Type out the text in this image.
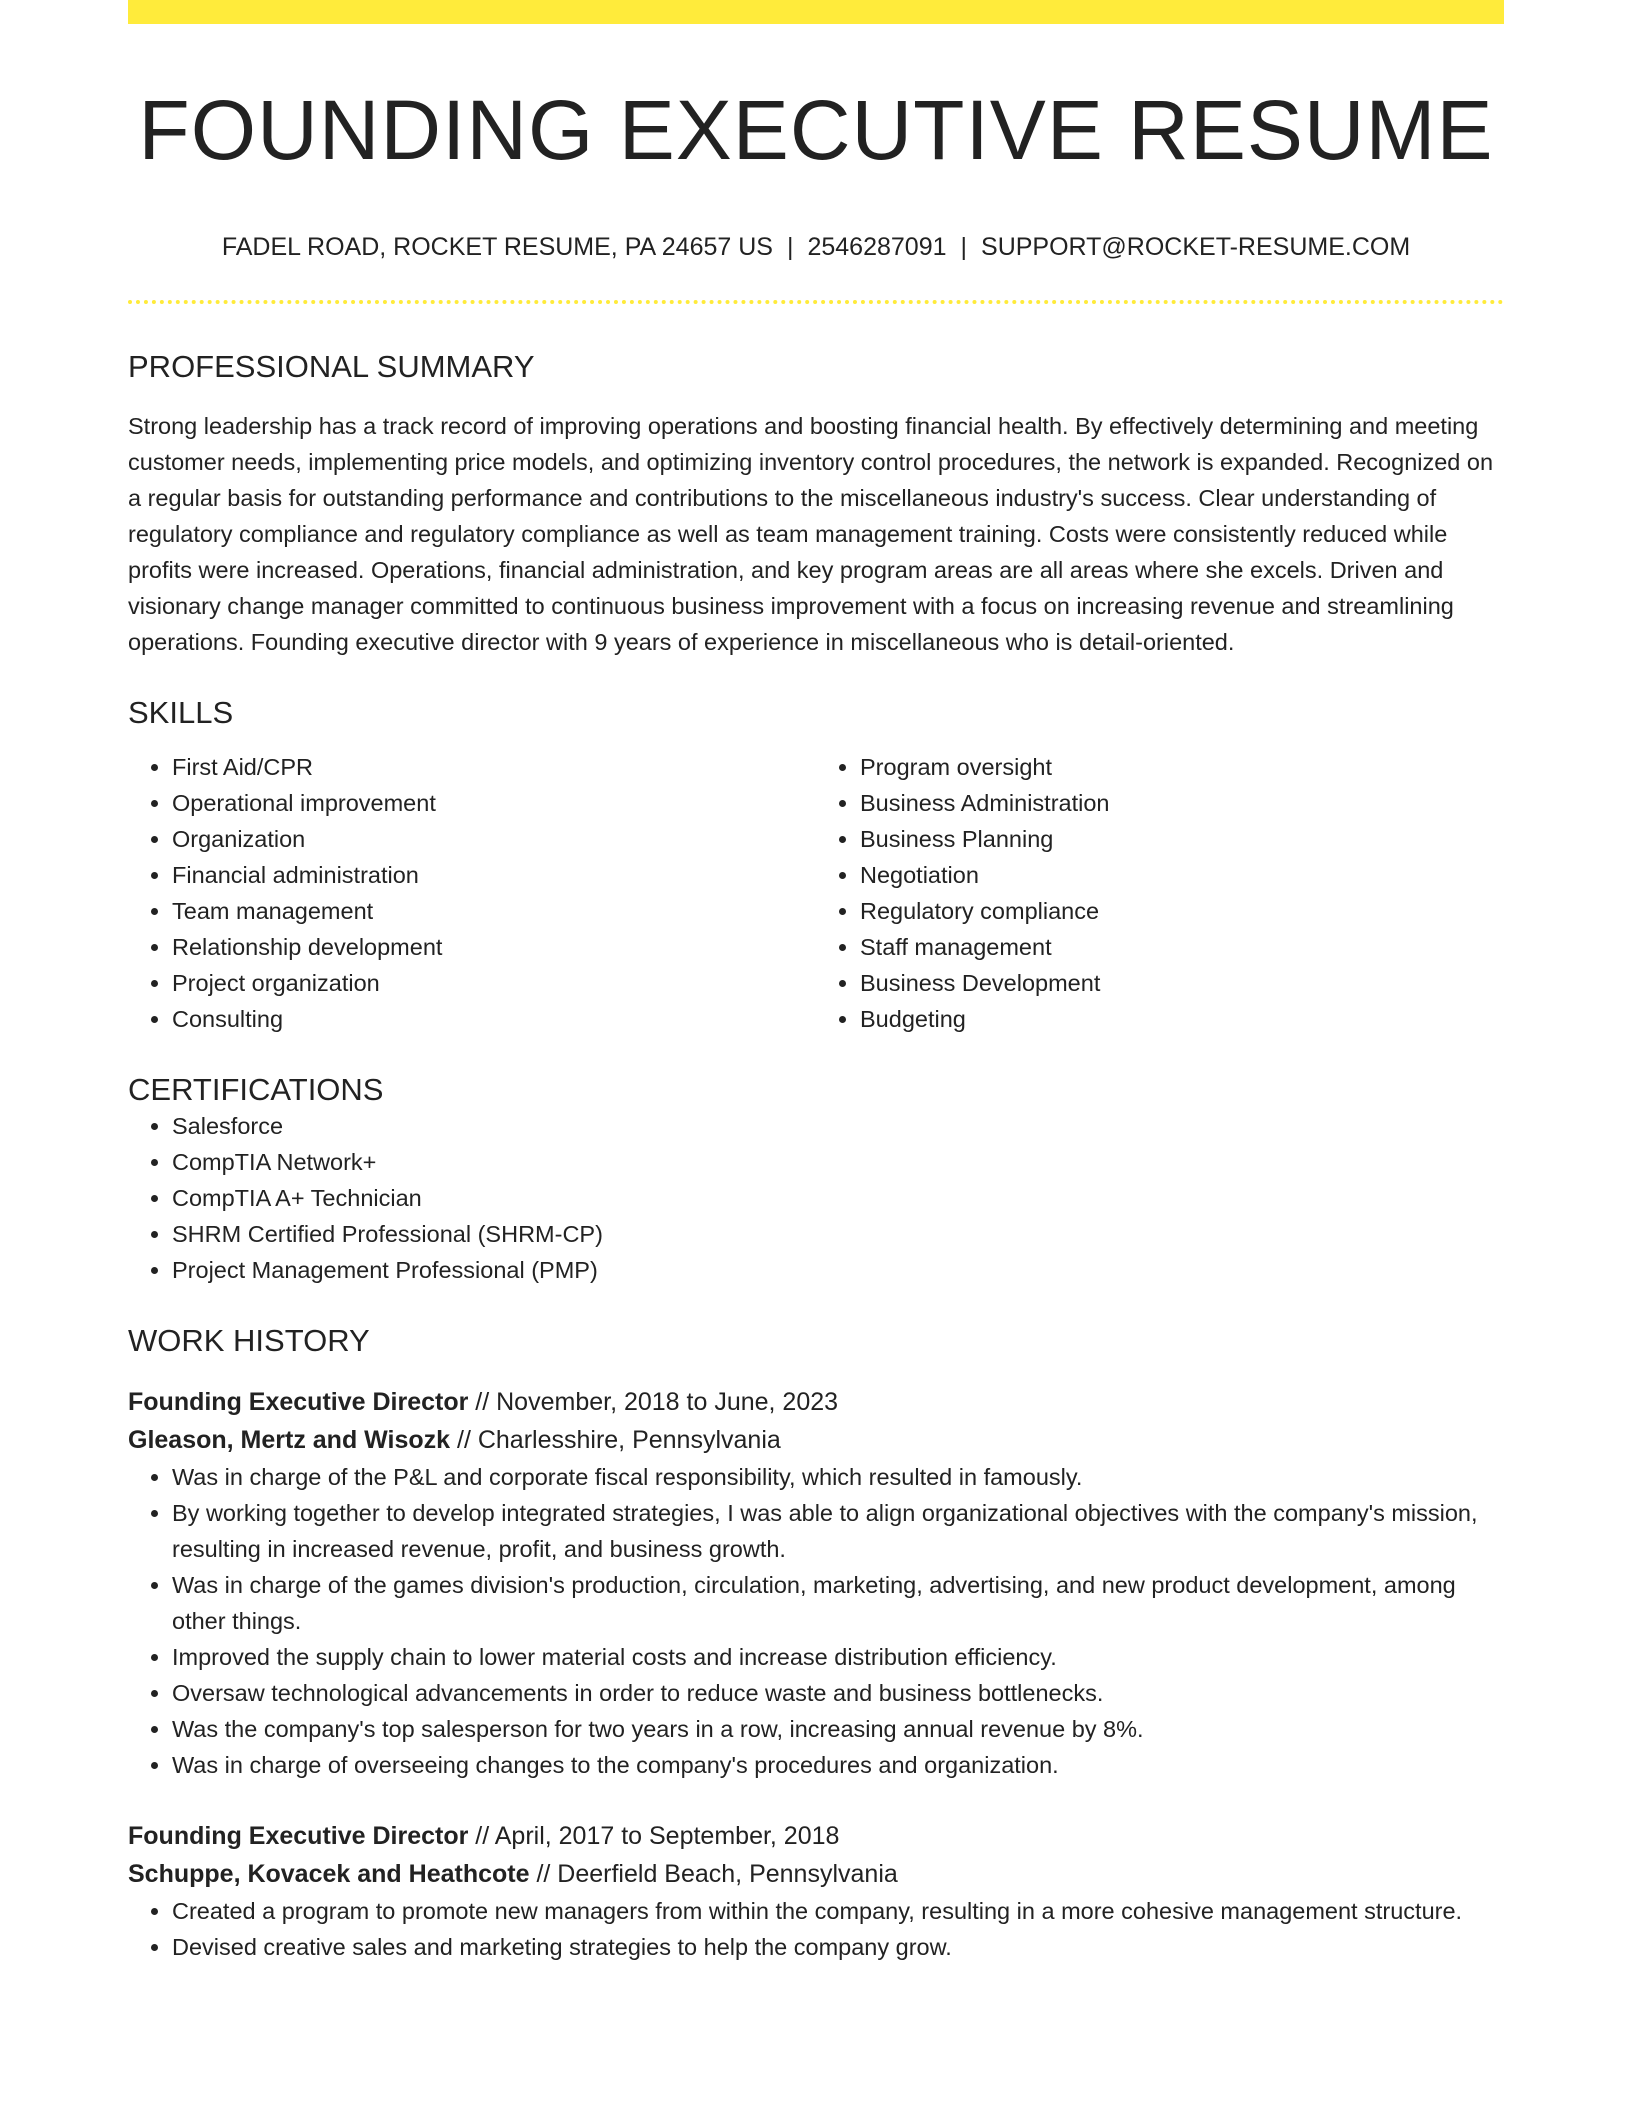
FOUNDING EXECUTIVE RESUME
FADEL ROAD, ROCKET RESUME, PA 24657 US | 2546287091 | SUPPORT@ROCKET-RESUME.COM
PROFESSIONAL SUMMARY

Strong leadership has a track record of improving operations and boosting financial health. By effectively determining and meeting customer needs, implementing price models, and optimizing inventory control procedures, the network is expanded. Recognized on a regular basis for outstanding performance and contributions to the miscellaneous industry's success. Clear understanding of regulatory compliance and regulatory compliance as well as team management training. Costs were consistently reduced while profits were increased. Operations, financial administration, and key program areas are all areas where she excels. Driven and visionary change manager committed to continuous business improvement with a focus on increasing revenue and streamlining operations. Founding executive director with 9 years of experience in miscellaneous who is detail-oriented.

SKILLS
• First Aid/CPR
• Operational improvement
• Organization
• Financial administration
• Team management
• Relationship development
• Project organization
• Consulting
• Program oversight
• Business Administration
• Business Planning
• Negotiation
• Regulatory compliance
• Staff management
• Business Development
• Budgeting
CERTIFICATIONS
• Salesforce
• CompTIA Network+
• CompTIA A+ Technician
• SHRM Certified Professional (SHRM-CP)
• Project Management Professional (PMP)
WORK HISTORY
Founding Executive Director // November, 2018 to June, 2023
Gleason, Mertz and Wisozk // Charlesshire, Pennsylvania
• Was in charge of the P&L and corporate fiscal responsibility, which resulted in famously.
• By working together to develop integrated strategies, I was able to align organizational objectives with the company's mission, resulting in increased revenue, profit, and business growth.
• Was in charge of the games division's production, circulation, marketing, advertising, and new product development, among other things.
• Improved the supply chain to lower material costs and increase distribution efficiency.
• Oversaw technological advancements in order to reduce waste and business bottlenecks.
• Was the company's top salesperson for two years in a row, increasing annual revenue by 8%.
• Was in charge of overseeing changes to the company's procedures and organization.
Founding Executive Director // April, 2017 to September, 2018
Schuppe, Kovacek and Heathcote // Deerfield Beach, Pennsylvania
• Created a program to promote new managers from within the company, resulting in a more cohesive management structure.
• Devised creative sales and marketing strategies to help the company grow.
